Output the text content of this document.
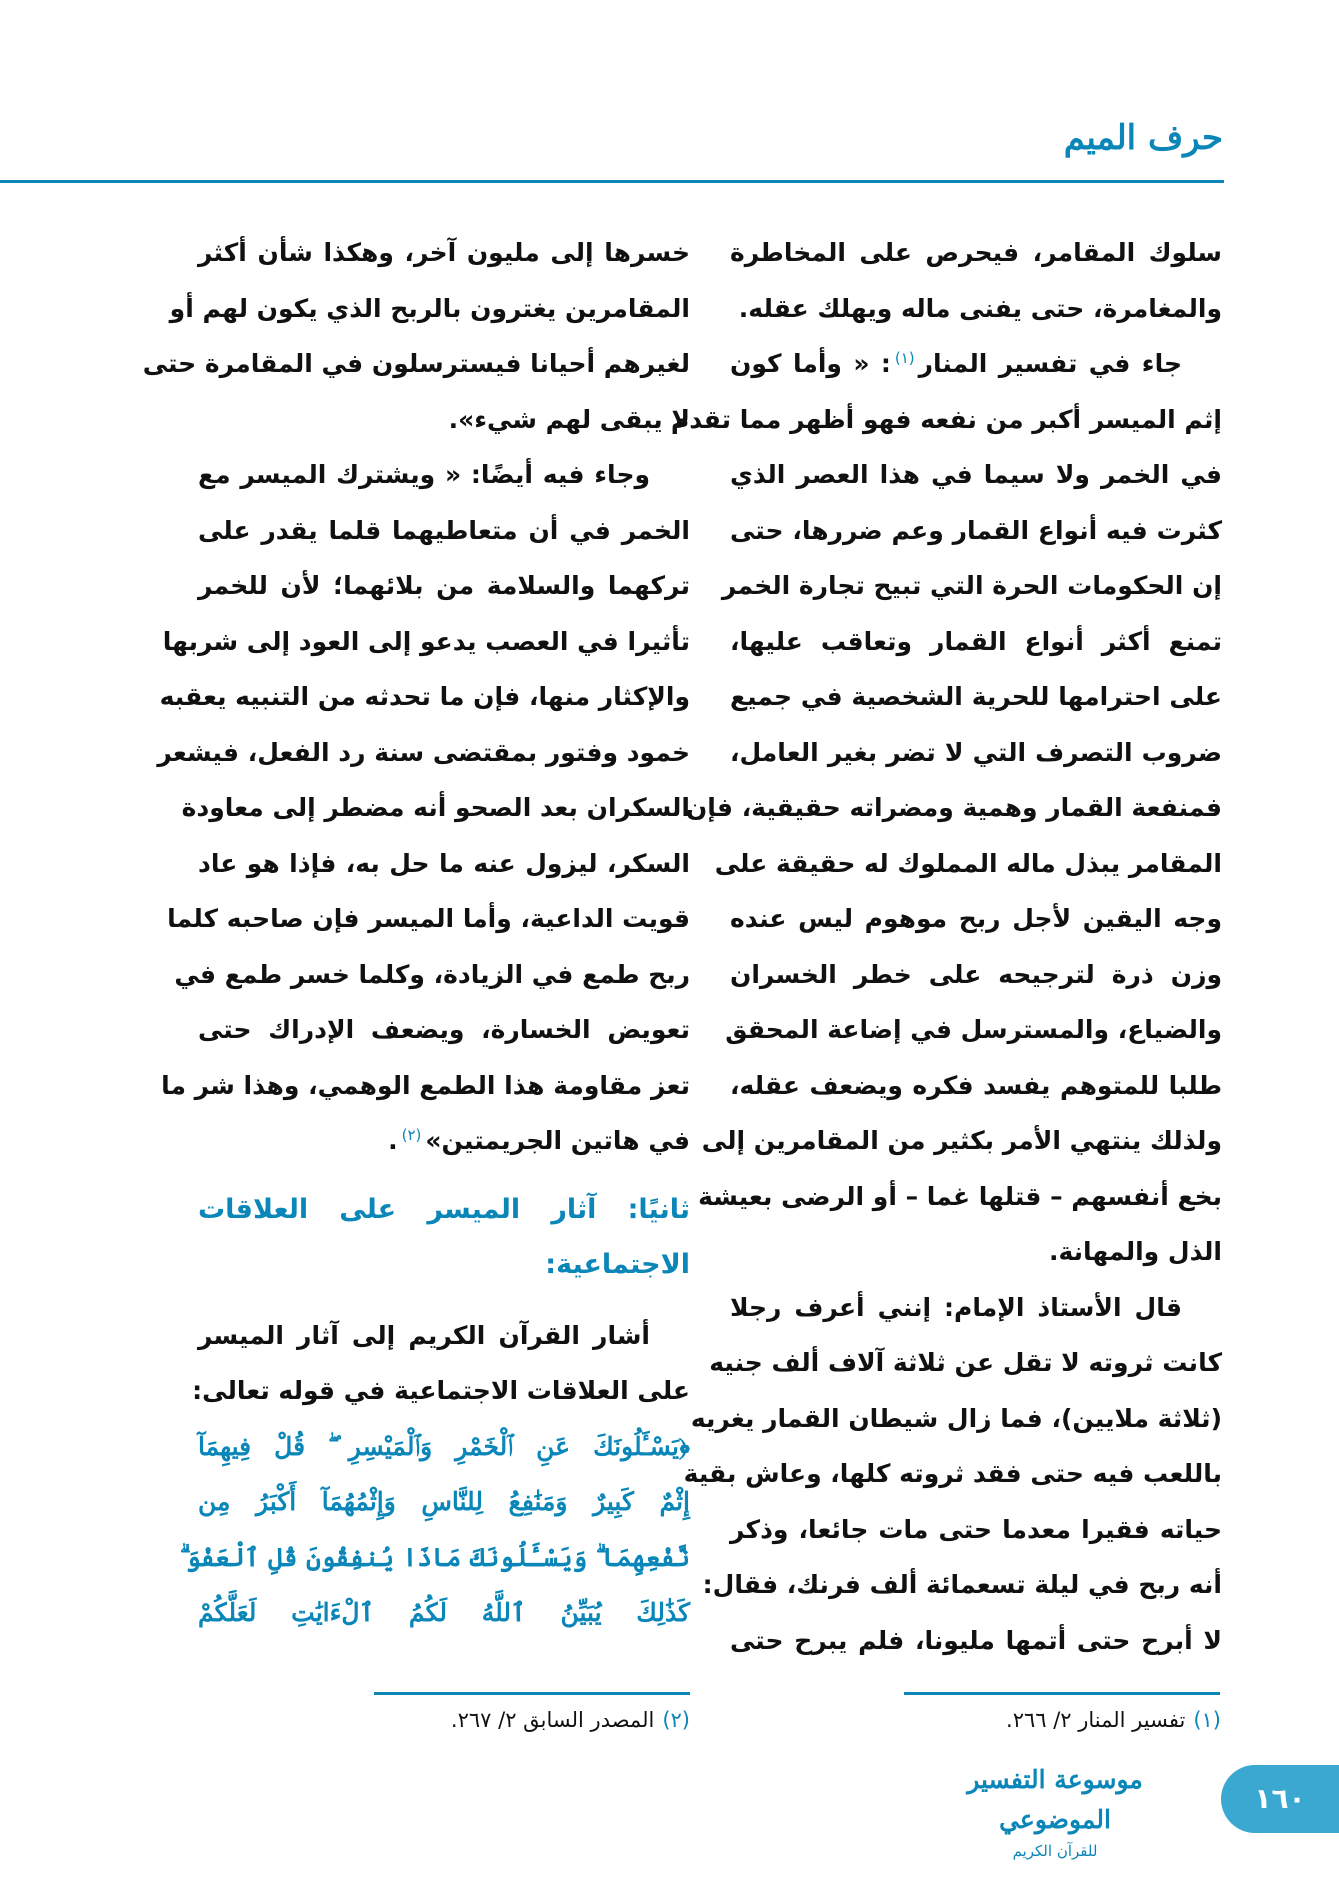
حرف الميم
سلوك المقامر، فيحرص على المخاطرة
والمغامرة، حتى يفنى ماله ويهلك عقله.
جاء في تفسير المنار$^{(١)}$: « وأما كون
إثم الميسر أكبر من نفعه فهو أظهر مما تقدم
في الخمر ولا سيما في هذا العصر الذي
كثرت فيه أنواع القمار وعم ضررها، حتى
إن الحكومات الحرة التي تبيح تجارة الخمر
تمنع أكثر أنواع القمار وتعاقب عليها،
على احترامها للحرية الشخصية في جميع
ضروب التصرف التي لا تضر بغير العامل،
فمنفعة القمار وهمية ومضراته حقيقية، فإن
المقامر يبذل ماله المملوك له حقيقة على
وجه اليقين لأجل ربح موهوم ليس عنده
وزن ذرة لترجيحه على خطر الخسران
والضياع، والمسترسل في إضاعة المحقق
طلبا للمتوهم يفسد فكره ويضعف عقله،
ولذلك ينتهي الأمر بكثير من المقامرين إلى
بخع أنفسهم – قتلها غما – أو الرضى بعيشة
الذل والمهانة.
قال الأستاذ الإمام: إنني أعرف رجلا
كانت ثروته لا تقل عن ثلاثة آلاف ألف جنيه
(ثلاثة ملايين)، فما زال شيطان القمار يغريه
باللعب فيه حتى فقد ثروته كلها، وعاش بقية
حياته فقيرا معدما حتى مات جائعا، وذكر
أنه ربح في ليلة تسعمائة ألف فرنك، فقال:
لا أبرح حتى أتمها مليونا، فلم يبرح حتى
خسرها إلى مليون آخر، وهكذا شأن أكثر
المقامرين يغترون بالربح الذي يكون لهم أو
لغيرهم أحيانا فيسترسلون في المقامرة حتى
لا يبقى لهم شيء».
وجاء فيه أيضًا: « ويشترك الميسر مع
الخمر في أن متعاطيهما قلما يقدر على
تركهما والسلامة من بلائهما؛ لأن للخمر
تأثيرا في العصب يدعو إلى العود إلى شربها
والإكثار منها، فإن ما تحدثه من التنبيه يعقبه
خمود وفتور بمقتضى سنة رد الفعل، فيشعر
السكران بعد الصحو أنه مضطر إلى معاودة
السكر، ليزول عنه ما حل به، فإذا هو عاد
قويت الداعية، وأما الميسر فإن صاحبه كلما
ربح طمع في الزيادة، وكلما خسر طمع في
تعويض الخسارة، ويضعف الإدراك حتى
تعز مقاومة هذا الطمع الوهمي، وهذا شر ما
في هاتين الجريمتين»$^{(٢)}$.
ثانيًا: آثار الميسر على العلاقات
الاجتماعية:
أشار القرآن الكريم إلى آثار الميسر
على العلاقات الاجتماعية في قوله تعالى:
﴿يَسْـَٔلُونَكَ عَنِ ٱلْخَمْرِ وَٱلْمَيْسِرِ ۖ قُلْ فِيهِمَآ
إِثْمٌ كَبِيرٌ وَمَنَٰفِعُ لِلنَّاسِ وَإِثْمُهُمَآ أَكْبَرُ مِن
نَّفْعِهِمَا ۗ وَيَسْـَٔلُونَكَ مَاذَا يُنفِقُونَ قُلِ ٱلْعَفْوَ ۗ
كَذَٰلِكَ يُبَيِّنُ ٱللَّهُ لَكُمُ ٱلْءَايَٰتِ لَعَلَّكُمْ
(١)تفسير المنار ٢/ ٢٦٦.
(٢)المصدر السابق ٢/ ٢٦٧.
موسوعة التفسير الموضوعي
للقرآن الكريم
١٦٠
